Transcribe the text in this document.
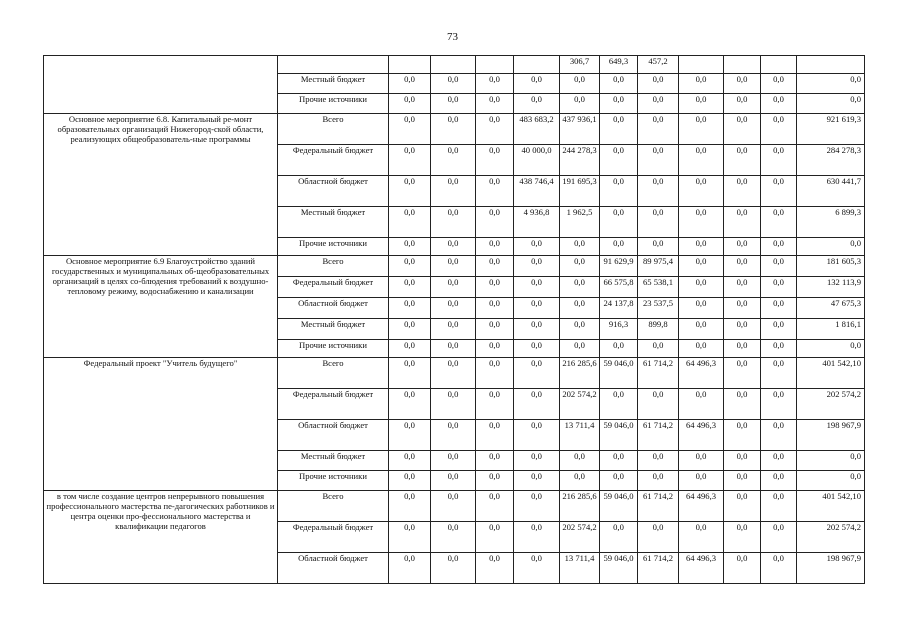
73
						306,7	649,3	457,2				
	Местный бюджет	0,0	0,0	0,0	0,0	0,0	0,0	0,0	0,0	0,0	0,0	0,0
	Прочие источники	0,0	0,0	0,0	0,0	0,0	0,0	0,0	0,0	0,0	0,0	0,0
Основное мероприятие 6.8. Капитальный ре-монт образовательных организаций Нижегород-ской области, реализующих общеобразователь-ные программы	Всего	0,0	0,0	0,0	483 683,2	437 936,1	0,0	0,0	0,0	0,0	0,0	921 619,3
	Федеральный бюджет	0,0	0,0	0,0	40 000,0	244 278,3	0,0	0,0	0,0	0,0	0,0	284 278,3
	Областной бюджет	0,0	0,0	0,0	438 746,4	191 695,3	0,0	0,0	0,0	0,0	0,0	630 441,7
	Местный бюджет	0,0	0,0	0,0	4 936,8	1 962,5	0,0	0,0	0,0	0,0	0,0	6 899,3
	Прочие источники	0,0	0,0	0,0	0,0	0,0	0,0	0,0	0,0	0,0	0,0	0,0
Основное мероприятие 6.9 Благоустройство зданий государственных и муниципальных об-щеобразовательных организаций в целях со-блюдения требований к воздушно-тепловому режиму, водоснабжению и канализации	Всего	0,0	0,0	0,0	0,0	0,0	91 629,9	89 975,4	0,0	0,0	0,0	181 605,3
	Федеральный бюджет	0,0	0,0	0,0	0,0	0,0	66 575,8	65 538,1	0,0	0,0	0,0	132 113,9
	Областной бюджет	0,0	0,0	0,0	0,0	0,0	24 137,8	23 537,5	0,0	0,0	0,0	47 675,3
	Местный бюджет	0,0	0,0	0,0	0,0	0,0	916,3	899,8	0,0	0,0	0,0	1 816,1
	Прочие источники	0,0	0,0	0,0	0,0	0,0	0,0	0,0	0,0	0,0	0,0	0,0
Федеральный проект "Учитель будущего"	Всего	0,0	0,0	0,0	0,0	216 285,6	59 046,0	61 714,2	64 496,3	0,0	0,0	401 542,10
	Федеральный бюджет	0,0	0,0	0,0	0,0	202 574,2	0,0	0,0	0,0	0,0	0,0	202 574,2
	Областной бюджет	0,0	0,0	0,0	0,0	13 711,4	59 046,0	61 714,2	64 496,3	0,0	0,0	198 967,9
	Местный бюджет	0,0	0,0	0,0	0,0	0,0	0,0	0,0	0,0	0,0	0,0	0,0
	Прочие источники	0,0	0,0	0,0	0,0	0,0	0,0	0,0	0,0	0,0	0,0	0,0
в том числе создание центров непрерывного повышения профессионального мастерства пе-дагогических работников и центра оценки про-фессионального мастерства и квалификации педагогов	Всего	0,0	0,0	0,0	0,0	216 285,6	59 046,0	61 714,2	64 496,3	0,0	0,0	401 542,10
	Федеральный бюджет	0,0	0,0	0,0	0,0	202 574,2	0,0	0,0	0,0	0,0	0,0	202 574,2
	Областной бюджет	0,0	0,0	0,0	0,0	13 711,4	59 046,0	61 714,2	64 496,3	0,0	0,0	198 967,9
